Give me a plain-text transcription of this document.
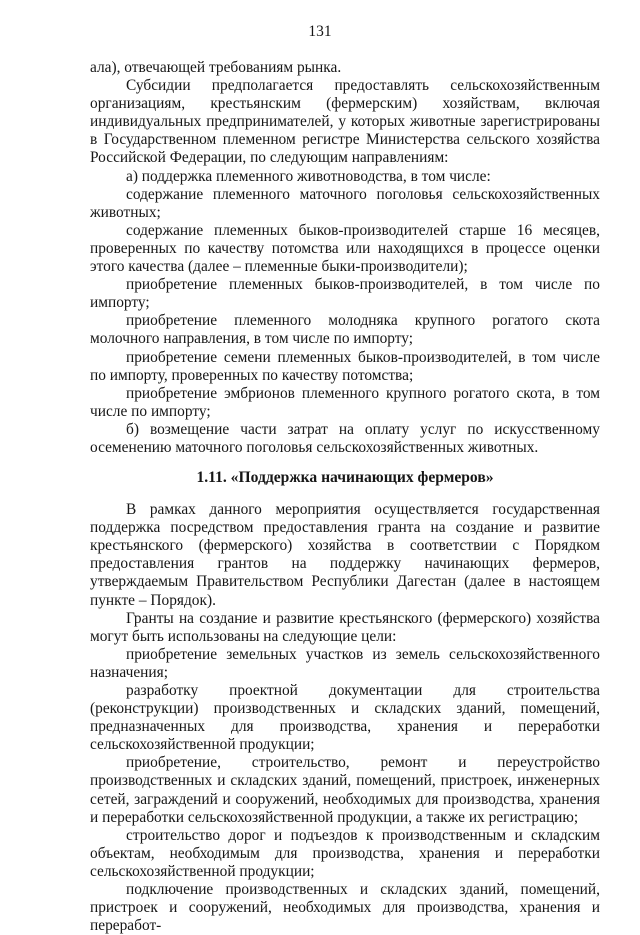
131

ала), отвечающей требованиям рынка.

Субсидии предполагается предоставлять сельскохозяйственным организациям, крестьянским (фермерским) хозяйствам, включая индивидуальных предпринимателей, у которых животные зарегистрированы в Государственном племенном регистре Министерства сельского хозяйства Российской Федерации, по следующим направлениям:

а) поддержка племенного животноводства, в том числе:

содержание племенного маточного поголовья сельскохозяйственных животных;

содержание племенных быков-производителей старше 16 месяцев, проверенных по качеству потомства или находящихся в процессе оценки этого качества (далее – племенные быки-производители);

приобретение племенных быков-производителей, в том числе по импорту;

приобретение племенного молодняка крупного рогатого скота молочного направления, в том числе по импорту;

приобретение семени племенных быков-производителей, в том числе по импорту, проверенных по качеству потомства;

приобретение эмбрионов племенного крупного рогатого скота, в том числе по импорту;

б) возмещение части затрат на оплату услуг по искусственному осеменению маточного поголовья сельскохозяйственных животных.

1.11. «Поддержка начинающих фермеров»

В рамках данного мероприятия осуществляется государственная поддержка посредством предоставления гранта на создание и развитие крестьянского (фермерского) хозяйства в соответствии с Порядком предоставления грантов на поддержку начинающих фермеров, утверждаемым Правительством Республики Дагестан (далее в настоящем пункте – Порядок).

Гранты на создание и развитие крестьянского (фермерского) хозяйства могут быть использованы на следующие цели:

приобретение земельных участков из земель сельскохозяйственного назначения;

разработку проектной документации для строительства (реконструкции) производственных и складских зданий, помещений, предназначенных для производства, хранения и переработки сельскохозяйственной продукции;

приобретение, строительство, ремонт и переустройство производственных и складских зданий, помещений, пристроек, инженерных сетей, заграждений и сооружений, необходимых для производства, хранения и переработки сельскохозяйственной продукции, а также их регистрацию;

строительство дорог и подъездов к производственным и складским объектам, необходимым для производства, хранения и переработки сельскохозяйственной продукции;

подключение производственных и складских зданий, помещений, пристроек и сооружений, необходимых для производства, хранения и переработ-
